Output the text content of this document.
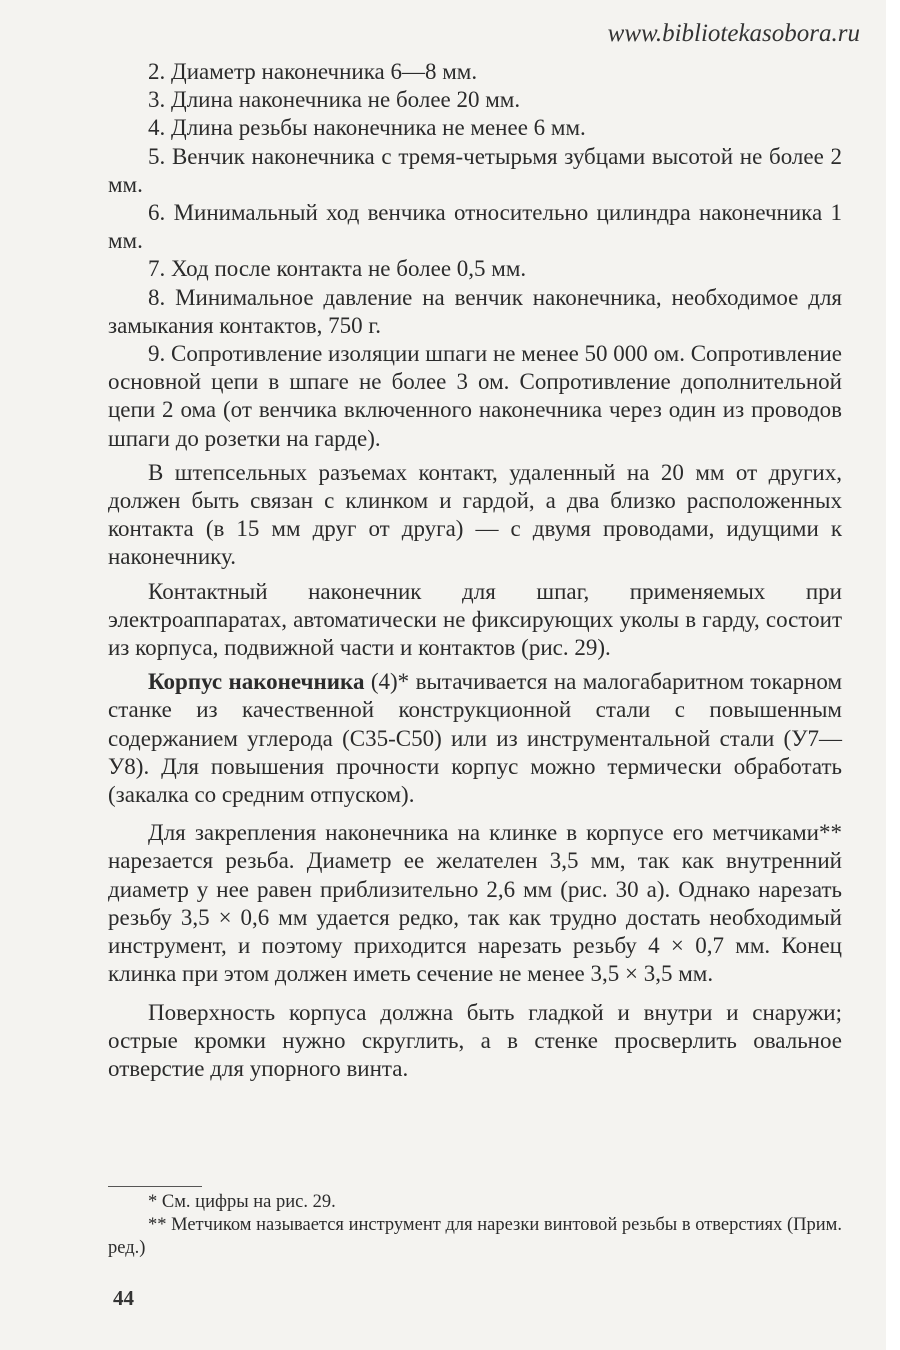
www.bibliotekasobora.ru

2. Диаметр наконечника 6—8 мм.

3. Длина наконечника не более 20 мм.

4. Длина резьбы наконечника не менее 6 мм.

5. Венчик наконечника с тремя-четырьмя зубцами высотой не более 2 мм.

6. Минимальный ход венчика относительно цилиндра наконечника 1 мм.

7. Ход после контакта не более 0,5 мм.

8. Минимальное давление на венчик наконечника, необходимое для замыкания контактов, 750 г.

9. Сопротивление изоляции шпаги не менее 50 000 ом. Сопротивление основной цепи в шпаге не более 3 ом. Сопротивление дополнительной цепи 2 ома (от венчика включенного наконечника через один из проводов шпаги до розетки на гарде).

В штепсельных разъемах контакт, удаленный на 20 мм от других, должен быть связан с клинком и гардой, а два близко расположенных контакта (в 15 мм друг от друга) — с двумя проводами, идущими к наконечнику.

Контактный наконечник для шпаг, применяемых при электроаппаратах, автоматически не фиксирующих уколы в гарду, состоит из корпуса, подвижной части и контактов (рис. 29).

Корпус наконечника (4)* вытачивается на малогабаритном токарном станке из качественной конструкционной стали с повышенным содержанием углерода (С35-С50) или из инструментальной стали (У7—У8). Для повышения прочности корпус можно термически обработать (закалка со средним отпуском).

Для закрепления наконечника на клинке в корпусе его метчиками** нарезается резьба. Диаметр ее желателен 3,5 мм, так как внутренний диаметр у нее равен приблизительно 2,6 мм (рис. 30 а). Однако нарезать резьбу 3,5 × 0,6 мм удается редко, так как трудно достать необходимый инструмент, и поэтому приходится нарезать резьбу 4 × 0,7 мм. Конец клинка при этом должен иметь сечение не менее 3,5 × 3,5 мм.

Поверхность корпуса должна быть гладкой и внутри и снаружи; острые кромки нужно скруглить, а в стенке просверлить овальное отверстие для упорного винта.

* См. цифры на рис. 29.

** Метчиком называется инструмент для нарезки винтовой резьбы в отверстиях (Прим. ред.)

44
